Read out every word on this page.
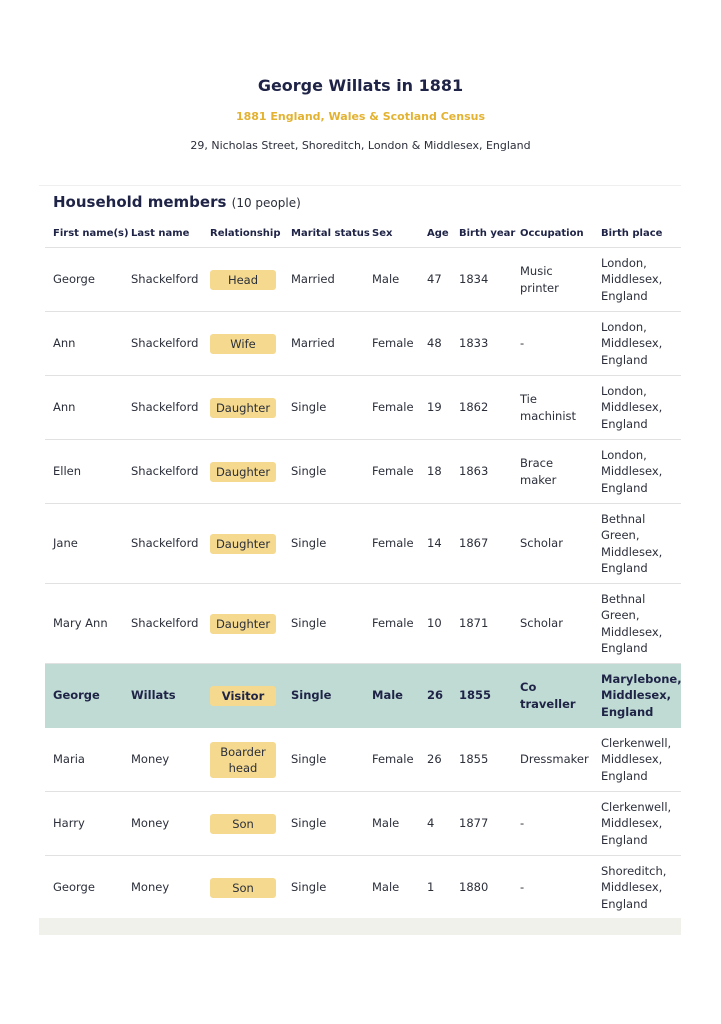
George Willats in 1881
1881 England, Wales & Scotland Census
29, Nicholas Street, Shoreditch, London & Middlesex, England
Household members (10 people)
First name(s)	Last name	Relationship	Marital status	Sex	Age	Birth year	Occupation	Birth place
George	Shackelford	Head	Married	Male	47	1834	Music printer	London, Middlesex, England
Ann	Shackelford	Wife	Married	Female	48	1833	-	London, Middlesex, England
Ann	Shackelford	Daughter	Single	Female	19	1862	Tie machinist	London, Middlesex, England
Ellen	Shackelford	Daughter	Single	Female	18	1863	Brace maker	London, Middlesex, England
Jane	Shackelford	Daughter	Single	Female	14	1867	Scholar	Bethnal Green, Middlesex, England
Mary Ann	Shackelford	Daughter	Single	Female	10	1871	Scholar	Bethnal Green, Middlesex, England
George	Willats	Visitor	Single	Male	26	1855	Co traveller	Marylebone, Middlesex, England
Maria	Money	Boarder head	Single	Female	26	1855	Dressmaker	Clerkenwell, Middlesex, England
Harry	Money	Son	Single	Male	4	1877	-	Clerkenwell, Middlesex, England
George	Money	Son	Single	Male	1	1880	-	Shoreditch, Middlesex, England
